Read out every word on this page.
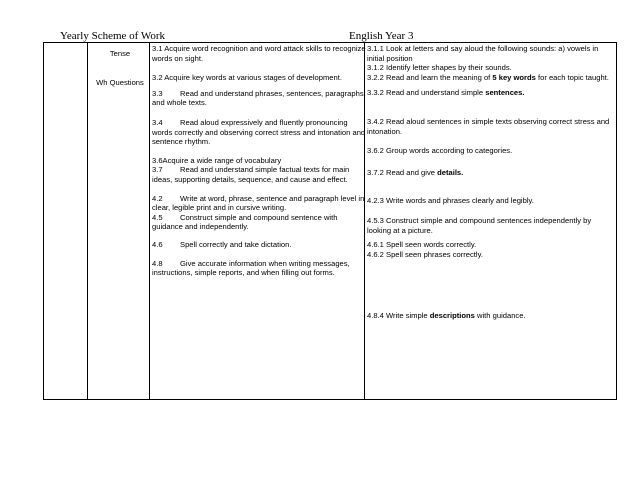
Yearly Scheme of Work	English Year 3
Tense
Wh Questions

3.1 Acquire word recognition and word attack skills to recognize words on sight.

3.2 Acquire key words at various stages of development.

3.3 Read and understand phrases, sentences, paragraphs, and whole texts.

3.4 Read aloud expressively and fluently pronouncing words correctly and observing correct stress and intonation and sentence rhythm.

3.6Acquire a wide range of vocabulary

3.7 Read and understand simple factual texts for main ideas, supporting details, sequence, and cause and effect.

4.2 Write at word, phrase, sentence and paragraph level in clear, legible print and in cursive writing.

4.5 Construct simple and compound sentence with guidance and independently.

4.6 Spell correctly and take dictation.

4.8 Give accurate information when writing messages, instructions, simple reports, and when filling out forms.

3.1.1 Look at letters and say aloud the following sounds: a) vowels in initial position

3.1.2 Identify letter shapes by their sounds.

3.2.2 Read and learn the meaning of 5 key words for each topic taught.

3.3.2 Read and understand simple sentences.

3.4.2 Read aloud sentences in simple texts observing correct stress and intonation.

3.6.2 Group words according to categories.

3.7.2 Read and give details.

4.2.3 Write words and phrases clearly and legibly.

4.5.3 Construct simple and compound sentences independently by looking at a picture.

4.6.1 Spell seen words correctly.

4.6.2 Spell seen phrases correctly.

4.8.4 Write simple descriptions with guidance.
